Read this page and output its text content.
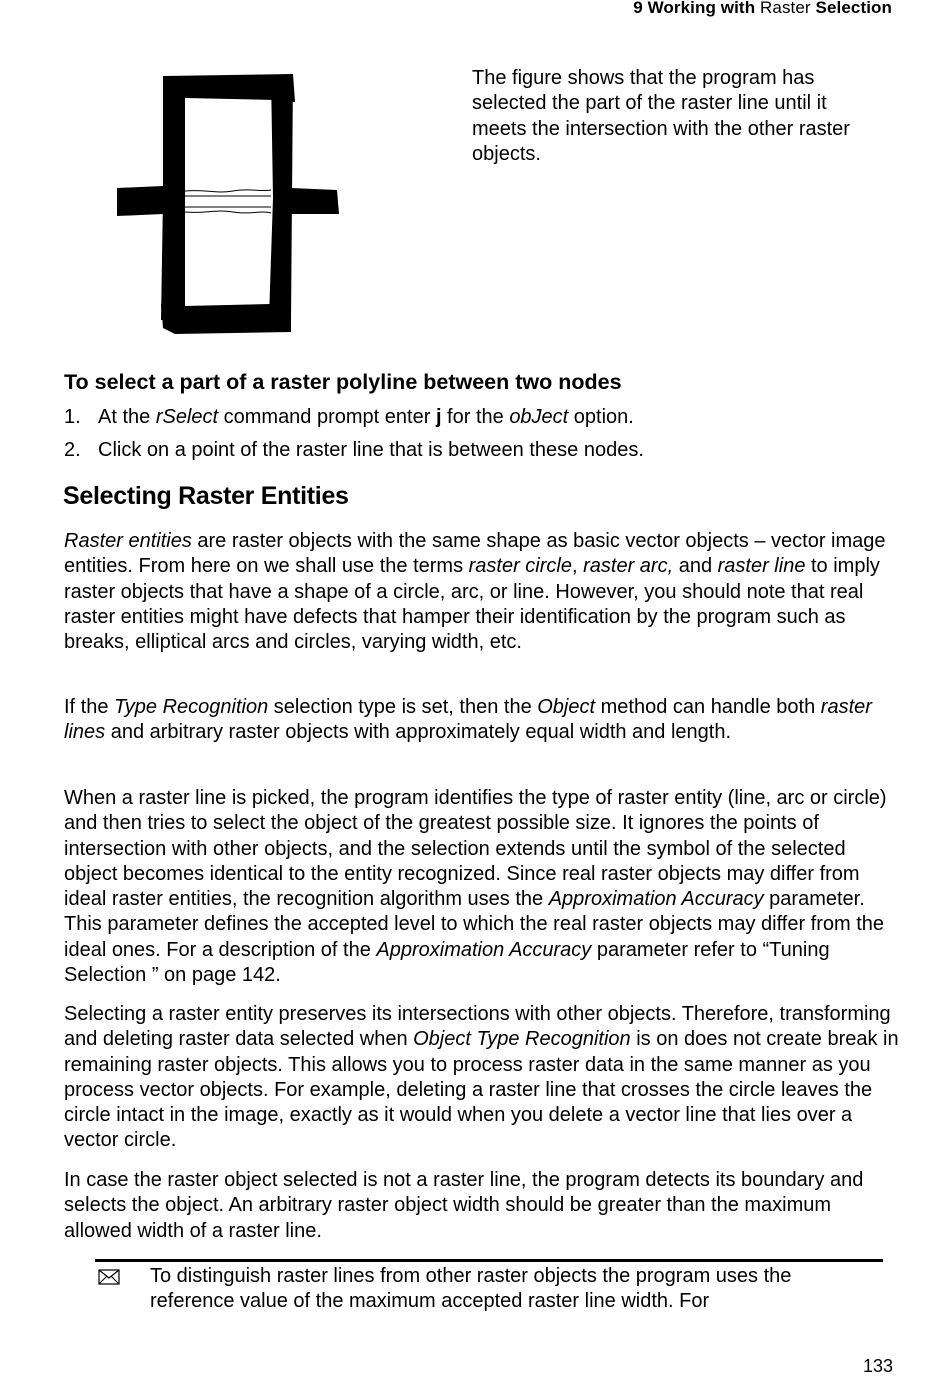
9 Working with Raster Selection
The figure shows that the program has selected the part of the raster line until it meets the intersection with the other raster objects.
To select a part of a raster polyline between two nodes
1. At the rSelect command prompt enter j for the obJect option.
2. Click on a point of the raster line that is between these nodes.
Selecting Raster Entities
Raster entities are raster objects with the same shape as basic vector objects – vector image entities. From here on we shall use the terms raster circle, raster arc, and raster line to imply raster objects that have a shape of a circle, arc, or line. However, you should note that real raster entities might have defects that hamper their identification by the program such as breaks, elliptical arcs and circles, varying width, etc.
If the Type Recognition selection type is set, then the Object method can handle both raster lines and arbitrary raster objects with approximately equal width and length.
When a raster line is picked, the program identifies the type of raster entity (line, arc or circle) and then tries to select the object of the greatest possible size. It ignores the points of intersection with other objects, and the selection extends until the symbol of the selected object becomes identical to the entity recognized. Since real raster objects may differ from ideal raster entities, the recognition algorithm uses the Approximation Accuracy parameter. This parameter defines the accepted level to which the real raster objects may differ from the ideal ones. For a description of the Approximation Accuracy parameter refer to “Tuning Selection ” on page 142.
Selecting a raster entity preserves its intersections with other objects. Therefore, transforming and deleting raster data selected when Object Type Recognition is on does not create break in remaining raster objects. This allows you to process raster data in the same manner as you process vector objects. For example, deleting a raster line that crosses the circle leaves the circle intact in the image, exactly as it would when you delete a vector line that lies over a vector circle.
In case the raster object selected is not a raster line, the program detects its boundary and selects the object. An arbitrary raster object width should be greater than the maximum allowed width of a raster line.
To distinguish raster lines from other raster objects the program uses the reference value of the maximum accepted raster line width. For
133
